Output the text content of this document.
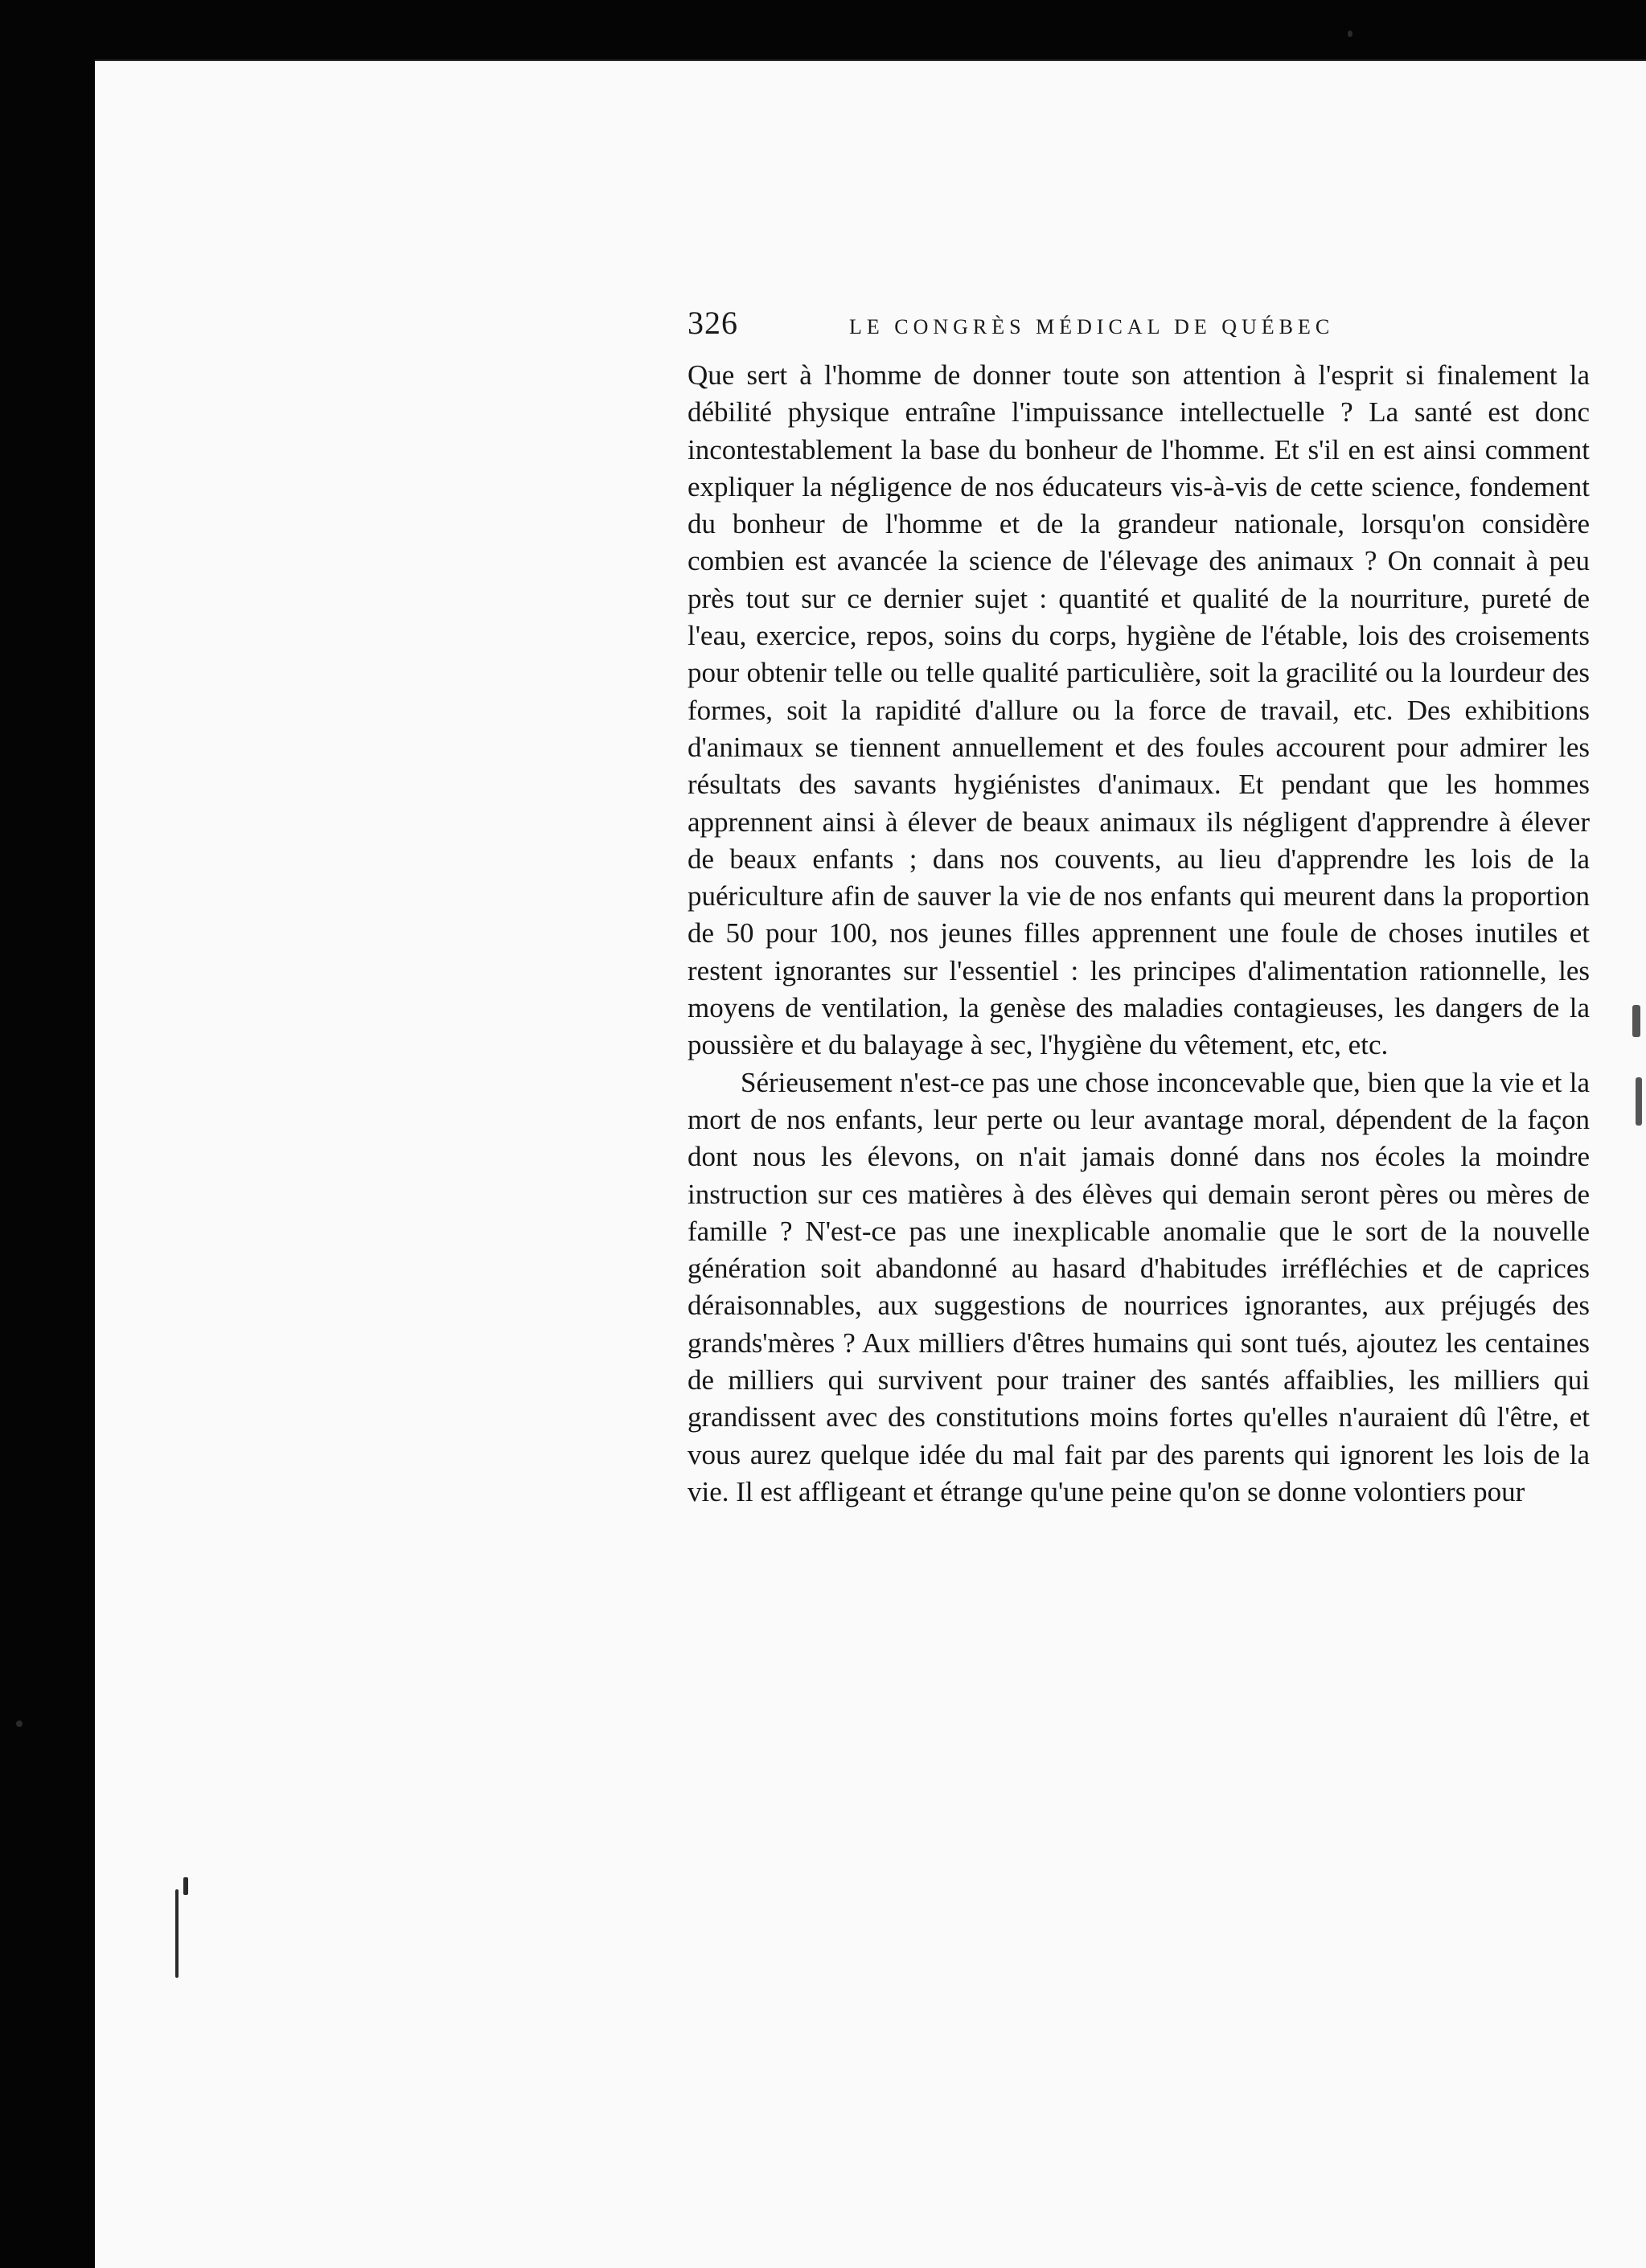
326	LE CONGRÈS MÉDICAL DE QUÉBEC

Que sert à l'homme de donner toute son attention à l'esprit si finalement la débilité physique entraîne l'impuissance intellectuelle ? La santé est donc incontestablement la base du bonheur de l'homme. Et s'il en est ainsi comment expliquer la négligence de nos éducateurs vis-à-vis de cette science, fondement du bonheur de l'homme et de la grandeur nationale, lorsqu'on considère combien est avancée la science de l'élevage des animaux ? On connait à peu près tout sur ce dernier sujet : quantité et qualité de la nourriture, pureté de l'eau, exercice, repos, soins du corps, hygiène de l'étable, lois des croisements pour obtenir telle ou telle qualité particulière, soit la gracilité ou la lourdeur des formes, soit la rapidité d'allure ou la force de travail, etc. Des exhibitions d'animaux se tiennent annuellement et des foules accourent pour admirer les résultats des savants hygiénistes d'animaux. Et pendant que les hommes apprennent ainsi à élever de beaux animaux ils négligent d'apprendre à élever de beaux enfants ; dans nos couvents, au lieu d'apprendre les lois de la puériculture afin de sauver la vie de nos enfants qui meurent dans la proportion de 50 pour 100, nos jeunes filles apprennent une foule de choses inutiles et restent ignorantes sur l'essentiel : les principes d'alimentation rationnelle, les moyens de ventilation, la genèse des maladies contagieuses, les dangers de la poussière et du balayage à sec, l'hygiène du vêtement, etc, etc.

Sérieusement n'est-ce pas une chose inconcevable que, bien que la vie et la mort de nos enfants, leur perte ou leur avantage moral, dépendent de la façon dont nous les élevons, on n'ait jamais donné dans nos écoles la moindre instruction sur ces matières à des élèves qui demain seront pères ou mères de famille ? N'est-ce pas une inexplicable anomalie que le sort de la nouvelle génération soit abandonné au hasard d'habitudes irréfléchies et de caprices déraisonnables, aux suggestions de nourrices ignorantes, aux préjugés des grands'mères ? Aux milliers d'êtres humains qui sont tués, ajoutez les centaines de milliers qui survivent pour trainer des santés affaiblies, les milliers qui grandissent avec des constitutions moins fortes qu'elles n'auraient dû l'être, et vous aurez quelque idée du mal fait par des parents qui ignorent les lois de la vie. Il est affligeant et étrange qu'une peine qu'on se donne volontiers pour
